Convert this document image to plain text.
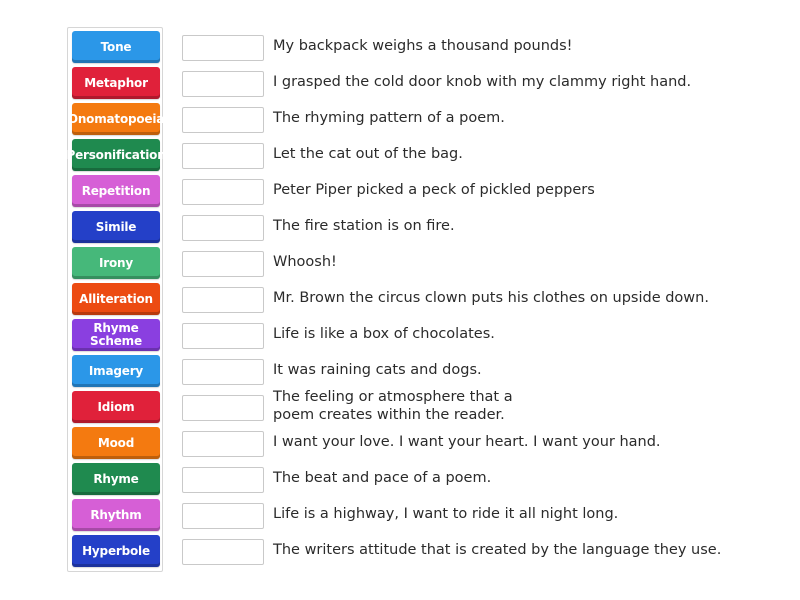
Tone
Metaphor
Onomatopoeia
Personification
Repetition
Simile
Irony
Alliteration
Rhyme
Scheme
Imagery
Idiom
Mood
Rhyme
Rhythm
Hyperbole
My backpack weighs a thousand pounds!
I grasped the cold door knob with my clammy right hand.
The rhyming pattern of a poem.
Let the cat out of the bag.
Peter Piper picked a peck of pickled peppers
The fire station is on fire.
Whoosh!
Mr. Brown the circus clown puts his clothes on upside down.
Life is like a box of chocolates.
It was raining cats and dogs.
The feeling or atmosphere that a
poem creates within the reader.
I want your love. I want your heart. I want your hand.
The beat and pace of a poem.
Life is a highway, I want to ride it all night long.
The writers attitude that is created by the language they use.
